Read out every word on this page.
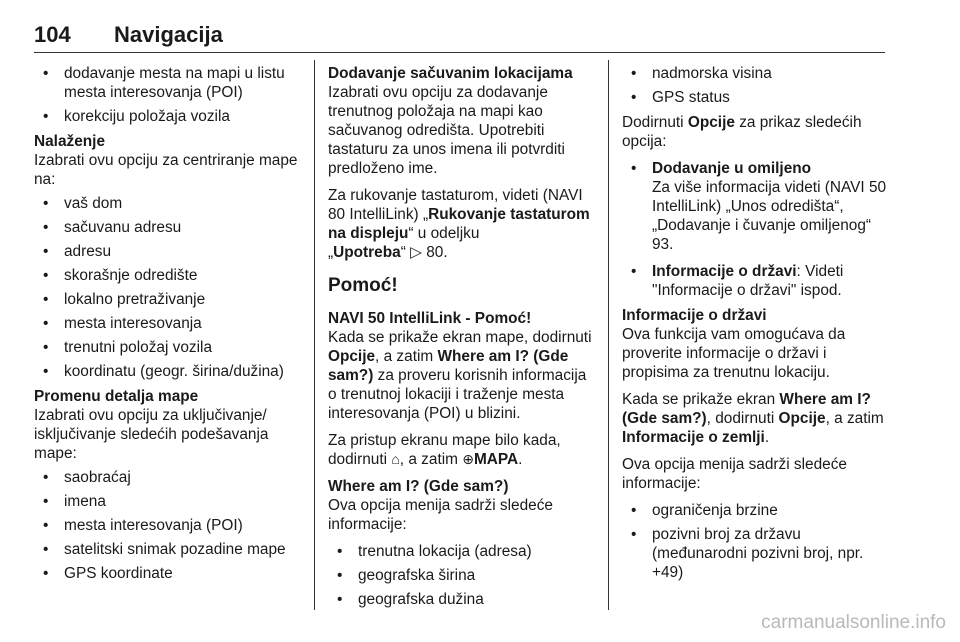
104 Navigacija
• dodavanje mesta na mapi u listu mesta interesovanja (POI)
• korekciju položaja vozila

Nalaženje

Izabrati ovu opciju za centriranje mape na:

• vaš dom
• sačuvanu adresu
• adresu
• skorašnje odredište
• lokalno pretraživanje
• mesta interesovanja
• trenutni položaj vozila
• koordinatu (geogr. širina/dužina)

Promenu detalja mape

Izabrati ovu opciju za uključivanje/ isključivanje sledećih podešavanja mape:

• saobraćaj
• imena
• mesta interesovanja (POI)
• satelitski snimak pozadine mape
• GPS koordinate

Dodavanje sačuvanim lokacijama

Izabrati ovu opciju za dodavanje trenutnog položaja na mapi kao sačuvanog odredišta. Upotrebiti tastaturu za unos imena ili potvrditi predloženo ime.

Za rukovanje tastaturom, videti (NAVI 80 IntelliLink) „Rukovanje tastaturom na displeju“ u odeljku „Upotreba“ ▷ 80.

Pomoć!

NAVI 50 IntelliLink - Pomoć!

Kada se prikaže ekran mape, dodirnuti Opcije, a zatim Where am I? (Gde sam?) za proveru korisnih informacija o trenutnoj lokaciji i traženje mesta interesovanja (POI) u blizini.

Za pristup ekranu mape bilo kada, dodirnuti ⌂, a zatim ⊕MAPA.

Where am I? (Gde sam?)

Ova opcija menija sadrži sledeće informacije:

• trenutna lokacija (adresa)
• geografska širina
• geografska dužina
• nadmorska visina
• GPS status

Dodirnuti Opcije za prikaz sledećih opcija:

• Dodavanje u omiljeno
Za više informacija videti (NAVI 50 IntelliLink) „Unos odredišta“, „Dodavanje i čuvanje omiljenog“ 93.
• Informacije o državi: Videti "Informacije o državi" ispod.

Informacije o državi

Ova funkcija vam omogućava da proverite informacije o državi i propisima za trenutnu lokaciju.

Kada se prikaže ekran Where am I? (Gde sam?), dodirnuti Opcije, a zatim Informacije o zemlji.

Ova opcija menija sadrži sledeće informacije:

• ograničenja brzine
• pozivni broj za državu (međunarodni pozivni broj, npr. +49)
carmanualsonline.info
